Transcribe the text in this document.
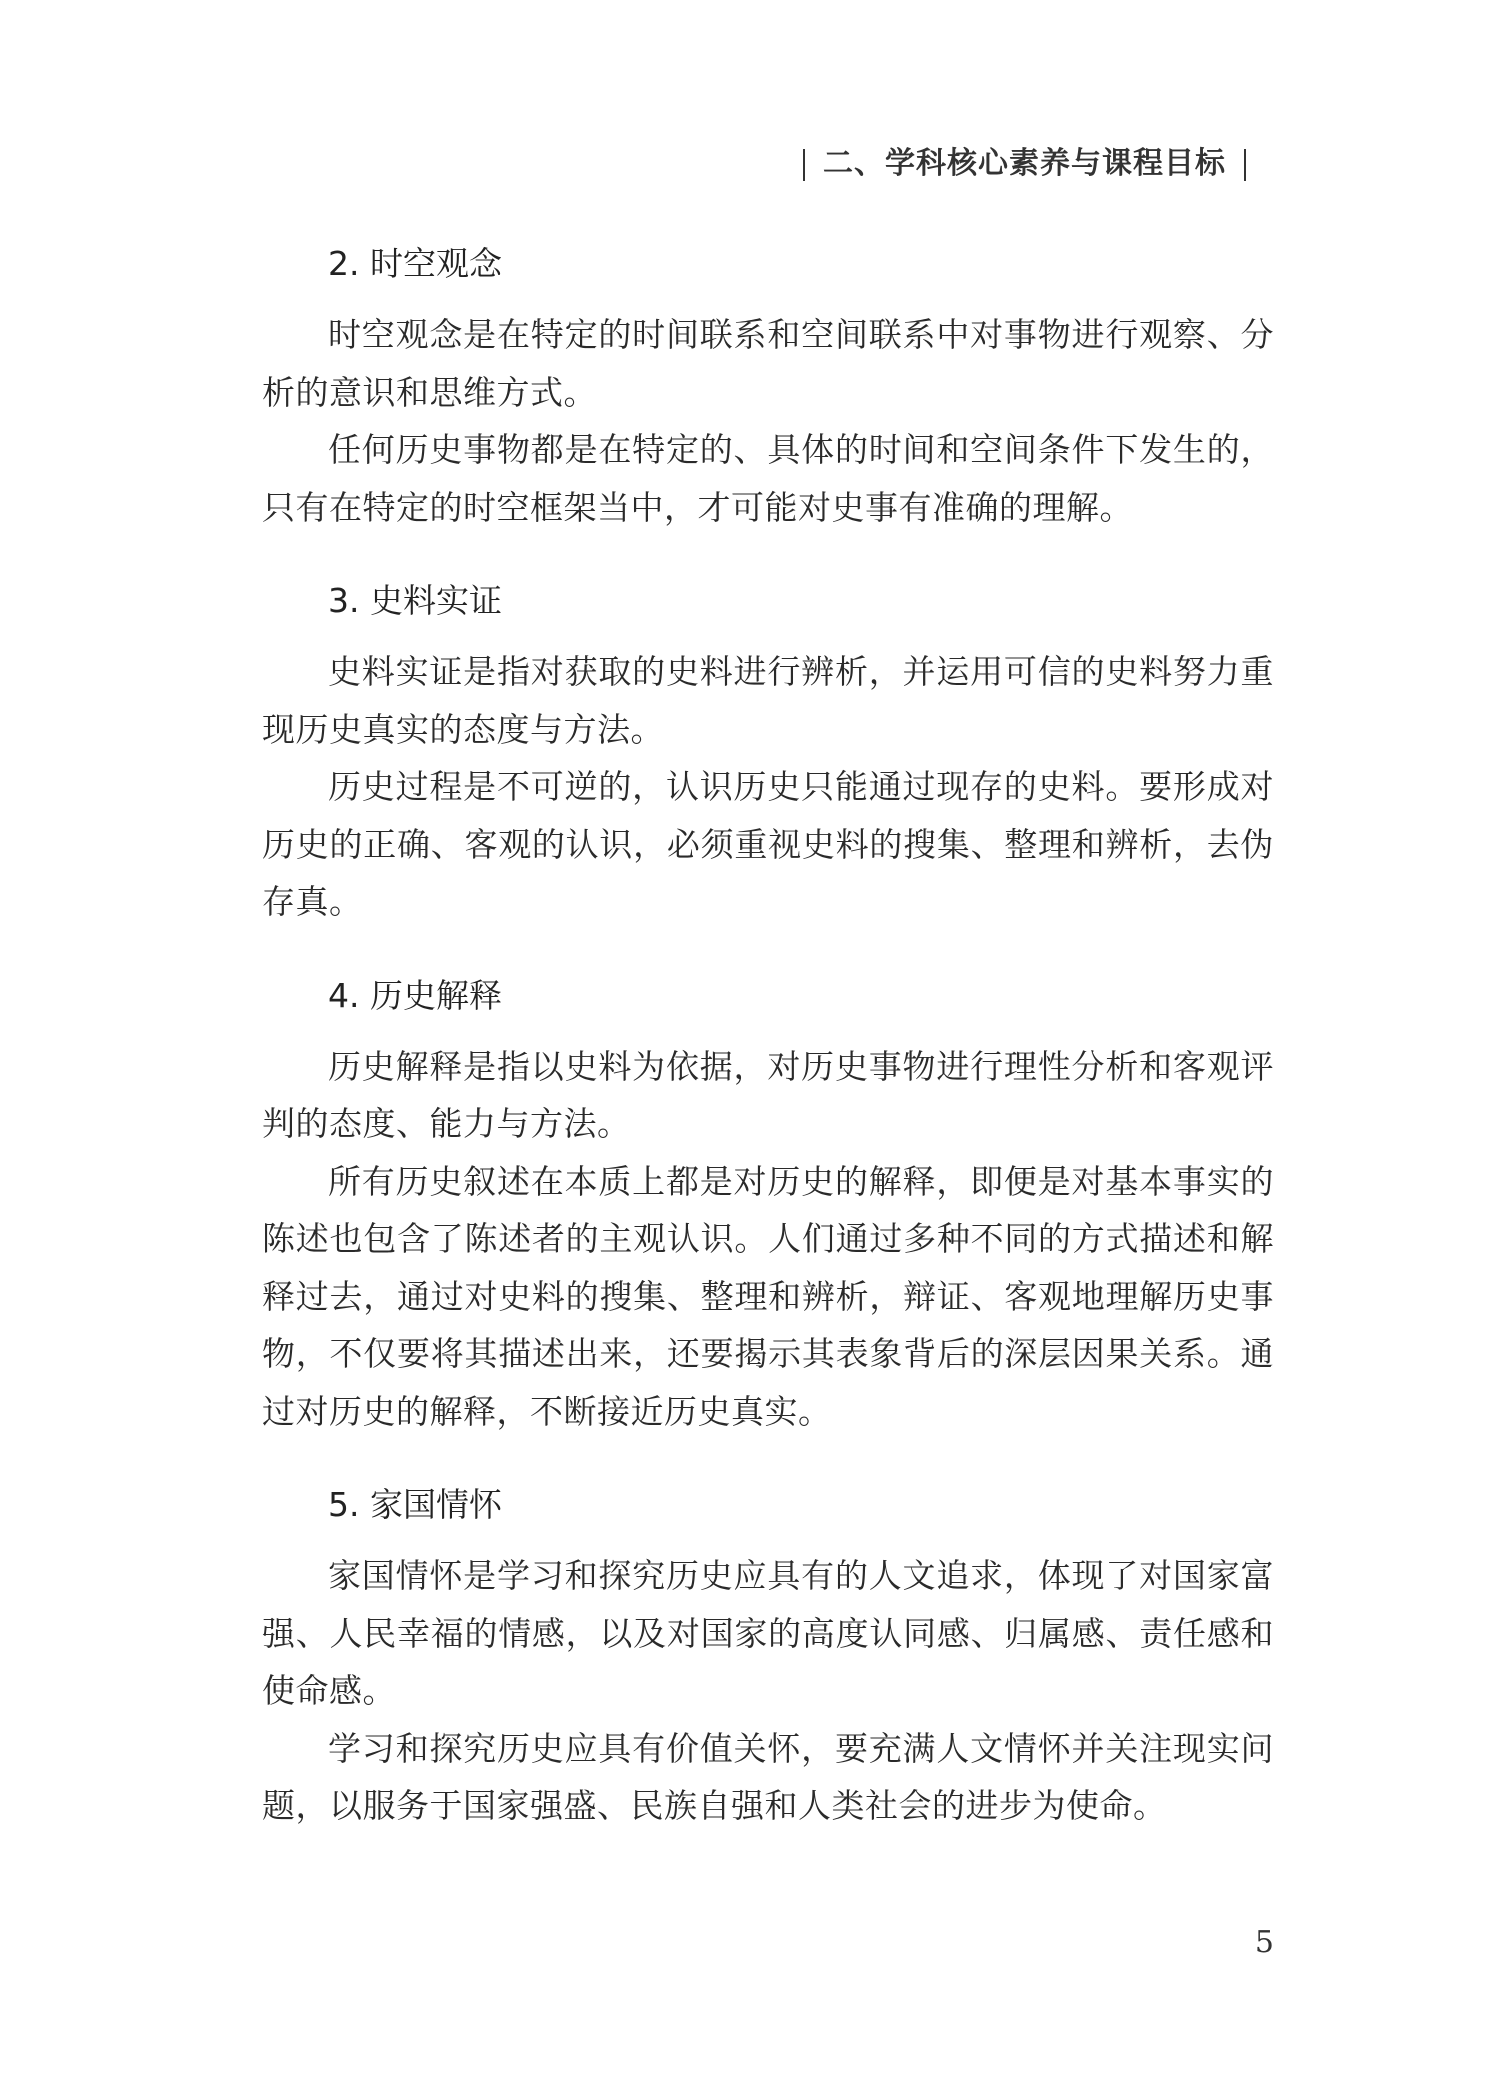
二、学科核心素养与课程目标
2. 时空观念

时空观念是在特定的时间联系和空间联系中对事物进行观察、分析的意识和思维方式。

任何历史事物都是在特定的、具体的时间和空间条件下发生的，只有在特定的时空框架当中，才可能对史事有准确的理解。

3. 史料实证

史料实证是指对获取的史料进行辨析，并运用可信的史料努力重现历史真实的态度与方法。

历史过程是不可逆的，认识历史只能通过现存的史料。要形成对历史的正确、客观的认识，必须重视史料的搜集、整理和辨析，去伪存真。

4. 历史解释

历史解释是指以史料为依据，对历史事物进行理性分析和客观评判的态度、能力与方法。

所有历史叙述在本质上都是对历史的解释，即便是对基本事实的陈述也包含了陈述者的主观认识。人们通过多种不同的方式描述和解释过去，通过对史料的搜集、整理和辨析，辩证、客观地理解历史事物，不仅要将其描述出来，还要揭示其表象背后的深层因果关系。通过对历史的解释，不断接近历史真实。

5. 家国情怀

家国情怀是学习和探究历史应具有的人文追求，体现了对国家富强、人民幸福的情感，以及对国家的高度认同感、归属感、责任感和使命感。

学习和探究历史应具有价值关怀，要充满人文情怀并关注现实问题，以服务于国家强盛、民族自强和人类社会的进步为使命。

5
